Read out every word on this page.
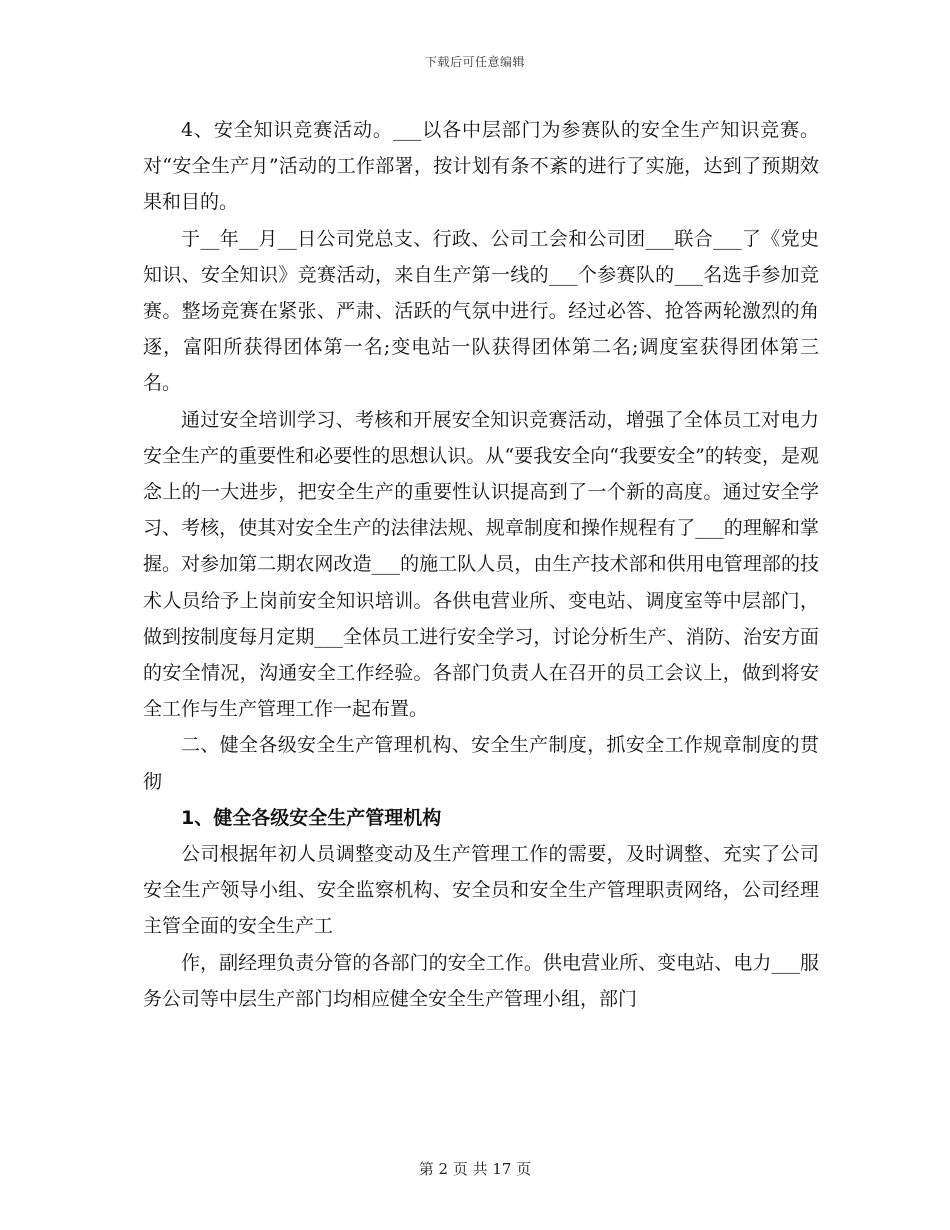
下载后可任意编辑

4、安全知识竞赛活动。___以各中层部门为参赛队的安全生产知识竞赛。对“安全生产月”活动的工作部署，按计划有条不紊的进行了实施，达到了预期效果和目的。

于__年__月__日公司党总支、行政、公司工会和公司团___联合___了《党史知识、安全知识》竞赛活动，来自生产第一线的___个参赛队的___名选手参加竞赛。整场竞赛在紧张、严肃、活跃的气氛中进行。经过必答、抢答两轮激烈的角逐，富阳所获得团体第一名;变电站一队获得团体第二名;调度室获得团体第三名。

通过安全培训学习、考核和开展安全知识竞赛活动，增强了全体员工对电力安全生产的重要性和必要性的思想认识。从“要我安全向“我要安全”的转变，是观念上的一大进步，把安全生产的重要性认识提高到了一个新的高度。通过安全学习、考核，使其对安全生产的法律法规、规章制度和操作规程有了___的理解和掌握。对参加第二期农网改造___的施工队人员，由生产技术部和供用电管理部的技术人员给予上岗前安全知识培训。各供电营业所、变电站、调度室等中层部门，做到按制度每月定期___全体员工进行安全学习，讨论分析生产、消防、治安方面的安全情况，沟通安全工作经验。各部门负责人在召开的员工会议上，做到将安全工作与生产管理工作一起布置。

二、健全各级安全生产管理机构、安全生产制度，抓安全工作规章制度的贯彻

1、健全各级安全生产管理机构

公司根据年初人员调整变动及生产管理工作的需要，及时调整、充实了公司安全生产领导小组、安全监察机构、安全员和安全生产管理职责网络，公司经理主管全面的安全生产工

作，副经理负责分管的各部门的安全工作。供电营业所、变电站、电力___服务公司等中层生产部门均相应健全安全生产管理小组，部门

第 2 页 共 17 页
